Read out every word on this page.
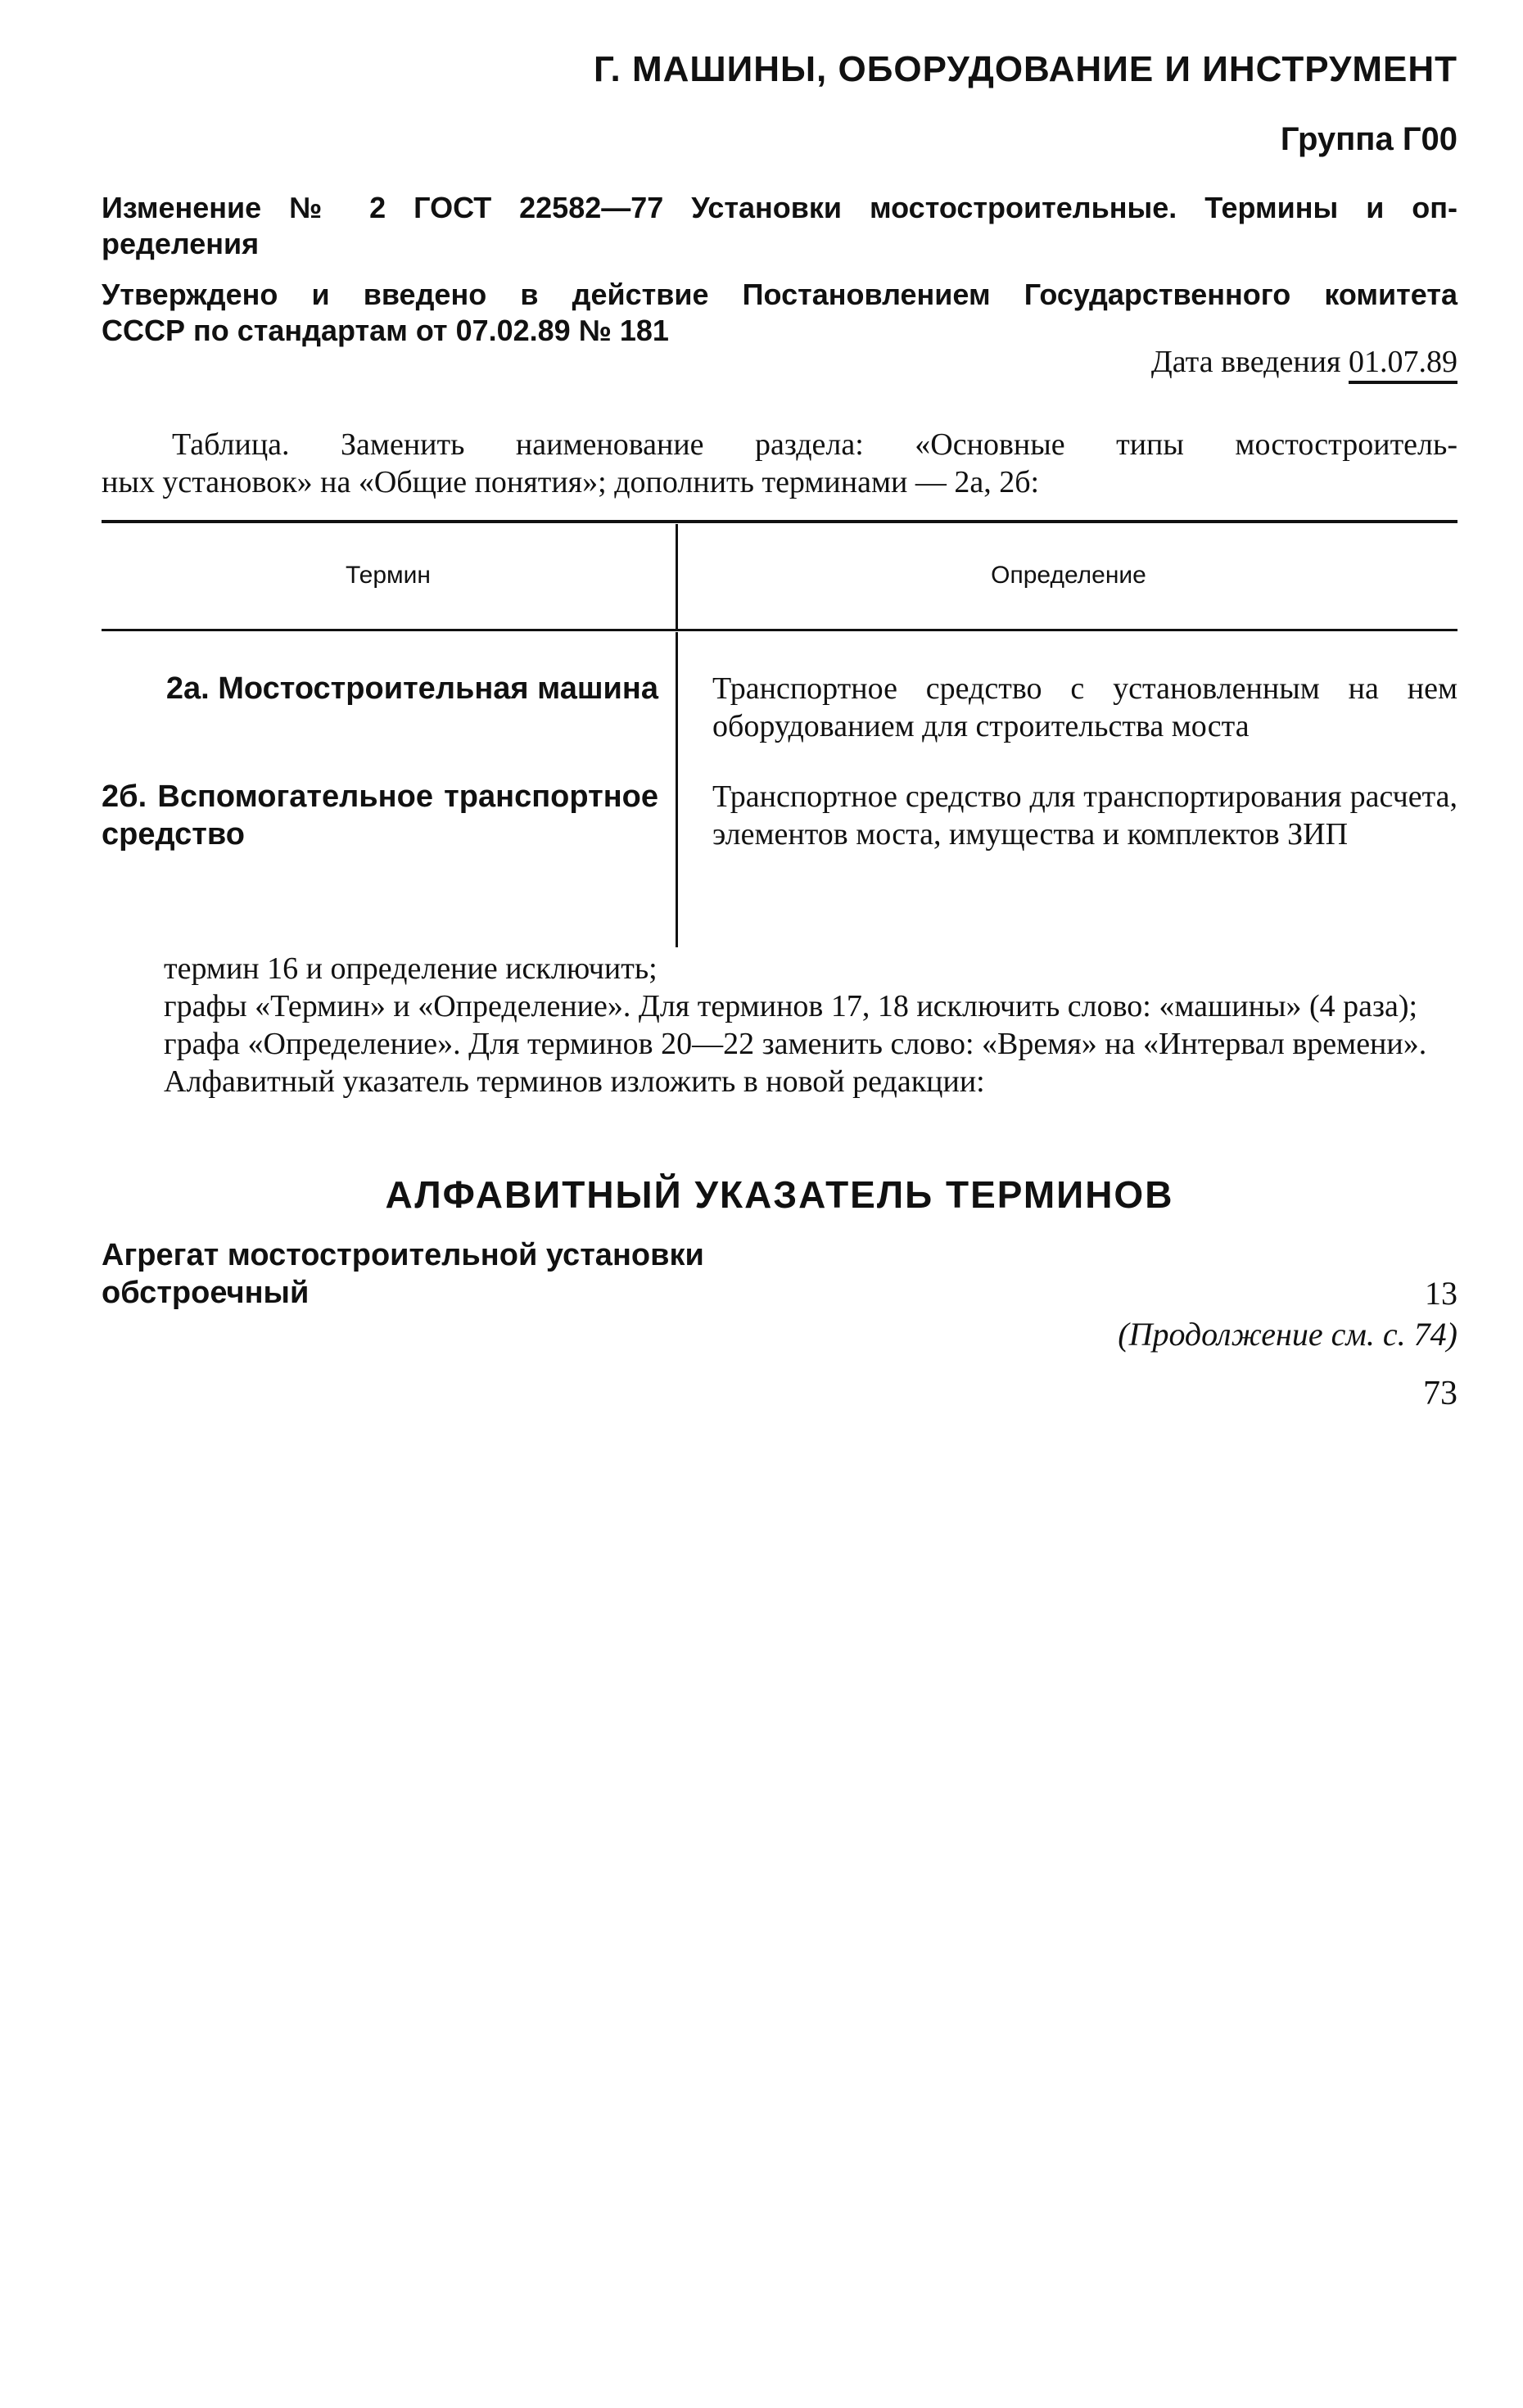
Г. МАШИНЫ, ОБОРУДОВАНИЕ И ИНСТРУМЕНТ
Группа Г00
Изменение № 2 ГОСТ 22582—77 Установки мостостроительные. Термины и оп-
ределения
Утверждено и введено в действие Постановлением Государственного комитета
СССР по стандартам от 07.02.89 № 181
Дата введения 01.07.89
Таблица. Заменить наименование раздела: «Основные типы мостостроитель-
ных установок» на «Общие понятия»; дополнить терминами — 2а, 2б:
Термин	Определение
2а. Мостостроительная машина Транспортное средство с установленным на нем оборудованием для строительства моста
2б. Вспомогательное транспортное средство
Транспортное средство для транспортирования расчета, элементов моста, имущества и комплектов ЗИП
термин 16 и определение исключить;
графы «Термин» и «Определение». Для терминов 17, 18 исключить слово: «машины» (4 раза);
графа «Определение». Для терминов 20—22 заменить слово: «Время» на «Интервал времени».
Алфавитный указатель терминов изложить в новой редакции:
АЛФАВИТНЫЙ УКАЗАТЕЛЬ ТЕРМИНОВ
Агрегат мостостроительной установки
обстроечный	13
(Продолжение см. с. 74)
73
